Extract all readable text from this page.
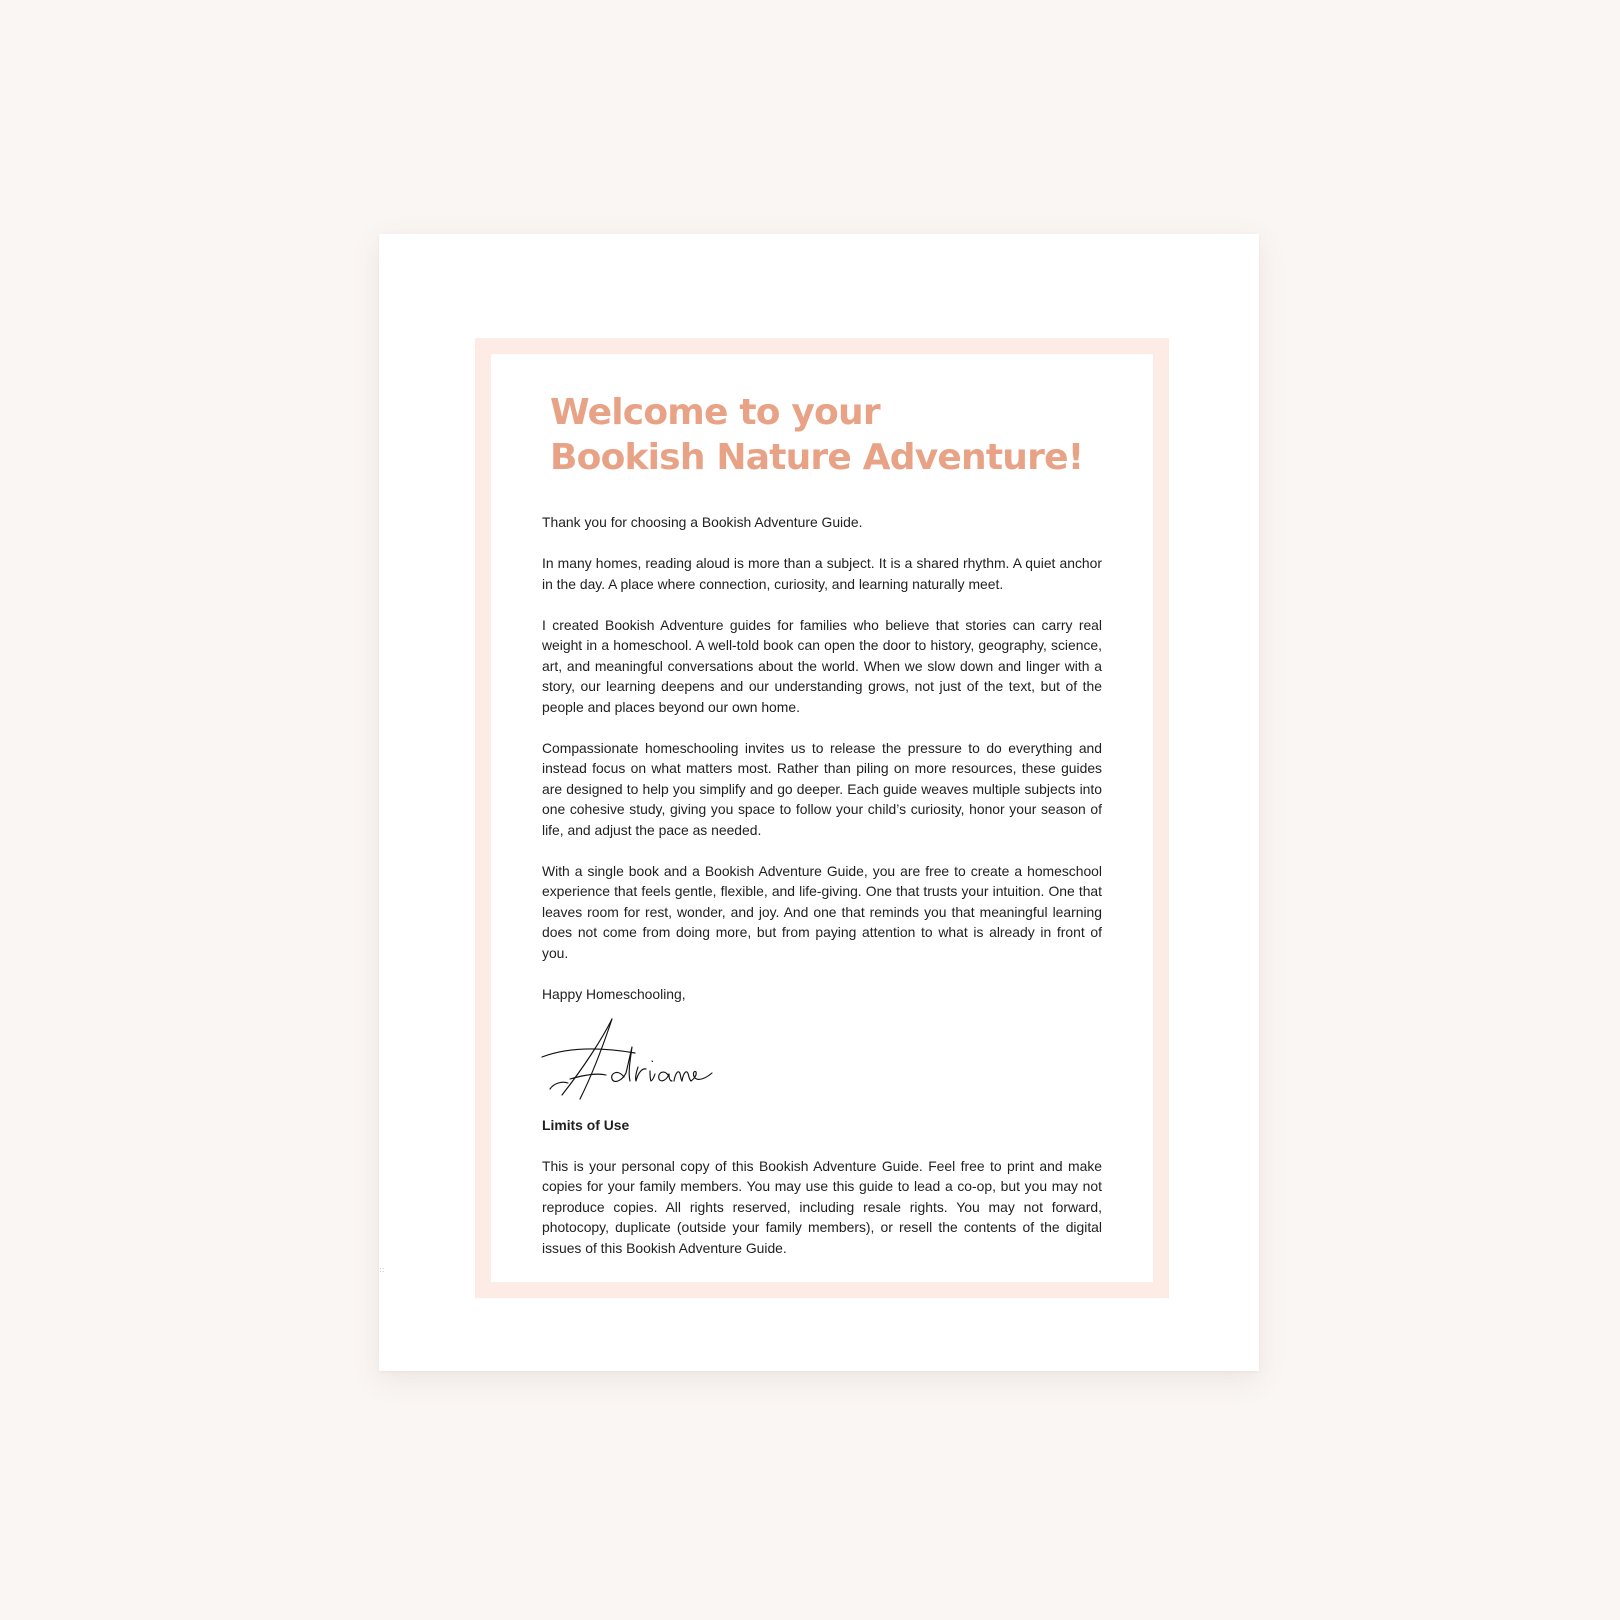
::
Welcome to your
Bookish Nature Adventure!

Thank you for choosing a Bookish Adventure Guide.

In many homes, reading aloud is more than a subject. It is a shared rhythm. A quiet anchor in the day. A place where connection, curiosity, and learning naturally meet.

I created Bookish Adventure guides for families who believe that stories can carry real weight in a homeschool. A well-told book can open the door to history, geography, science, art, and meaningful conversations about the world. When we slow down and linger with a story, our learning deepens and our understanding grows, not just of the text, but of the people and places beyond our own home.

Compassionate homeschooling invites us to release the pressure to do everything and instead focus on what matters most. Rather than piling on more resources, these guides are designed to help you simplify and go deeper. Each guide weaves multiple subjects into one cohesive study, giving you space to follow your child’s curiosity, honor your season of life, and adjust the pace as needed.

With a single book and a Bookish Adventure Guide, you are free to create a homeschool experience that feels gentle, flexible, and life-giving. One that trusts your intuition. One that leaves room for rest, wonder, and joy. And one that reminds you that meaningful learning does not come from doing more, but from paying attention to what is already in front of you.

Happy Homeschooling,

Limits of Use

This is your personal copy of this Bookish Adventure Guide. Feel free to print and make copies for your family members. You may use this guide to lead a co-op, but you may not reproduce copies. All rights reserved, including resale rights. You may not forward, photocopy, duplicate (outside your family members), or resell the contents of the digital issues of this Bookish Adventure Guide.
